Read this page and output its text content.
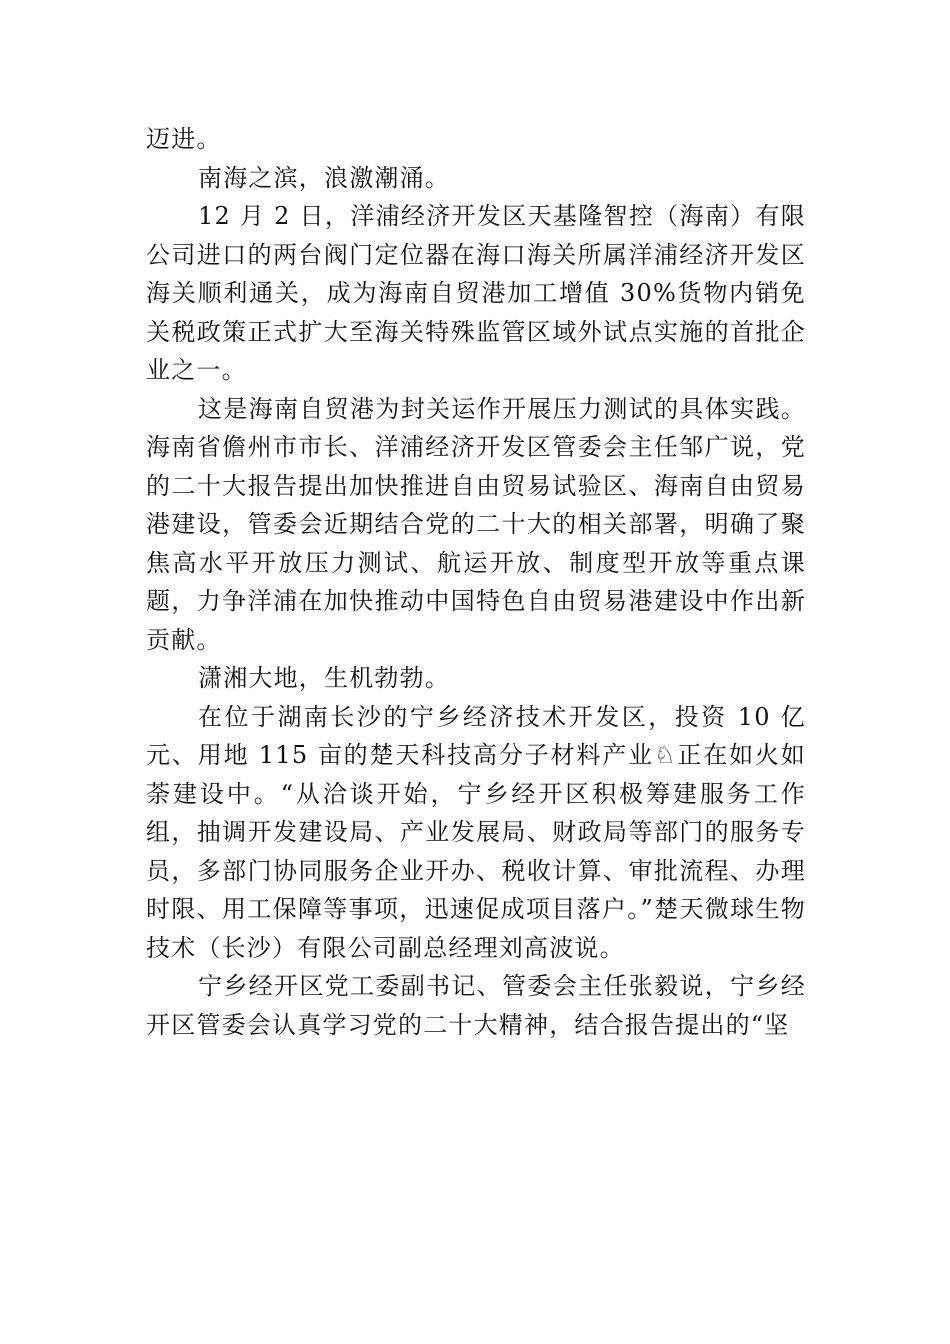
迈进。

南海之滨，浪激潮涌。

12 月 2 日，洋浦经济开发区天基隆智控（海南）有限公司进口的两台阀门定位器在海口海关所属洋浦经济开发区海关顺利通关，成为海南自贸港加工增值 30%货物内销免关税政策正式扩大至海关特殊监管区域外试点实施的首批企业之一。

这是海南自贸港为封关运作开展压力测试的具体实践。海南省儋州市市长、洋浦经济开发区管委会主任邹广说，党的二十大报告提出加快推进自由贸易试验区、海南自由贸易港建设，管委会近期结合党的二十大的相关部署，明确了聚焦高水平开放压力测试、航运开放、制度型开放等重点课题，力争洋浦在加快推动中国特色自由贸易港建设中作出新贡献。

潇湘大地，生机勃勃。

在位于湖南长沙的宁乡经济技术开发区，投资 10 亿元、用地 115 亩的楚天科技高分子材料产业♘正在如火如荼建设中。“从洽谈开始，宁乡经开区积极筹建服务工作组，抽调开发建设局、产业发展局、财政局等部门的服务专员，多部门协同服务企业开办、税收计算、审批流程、办理时限、用工保障等事项，迅速促成项目落户。”楚天微球生物技术（长沙）有限公司副总经理刘高波说。

宁乡经开区党工委副书记、管委会主任张毅说，宁乡经开区管委会认真学习党的二十大精神，结合报告提出的“坚
